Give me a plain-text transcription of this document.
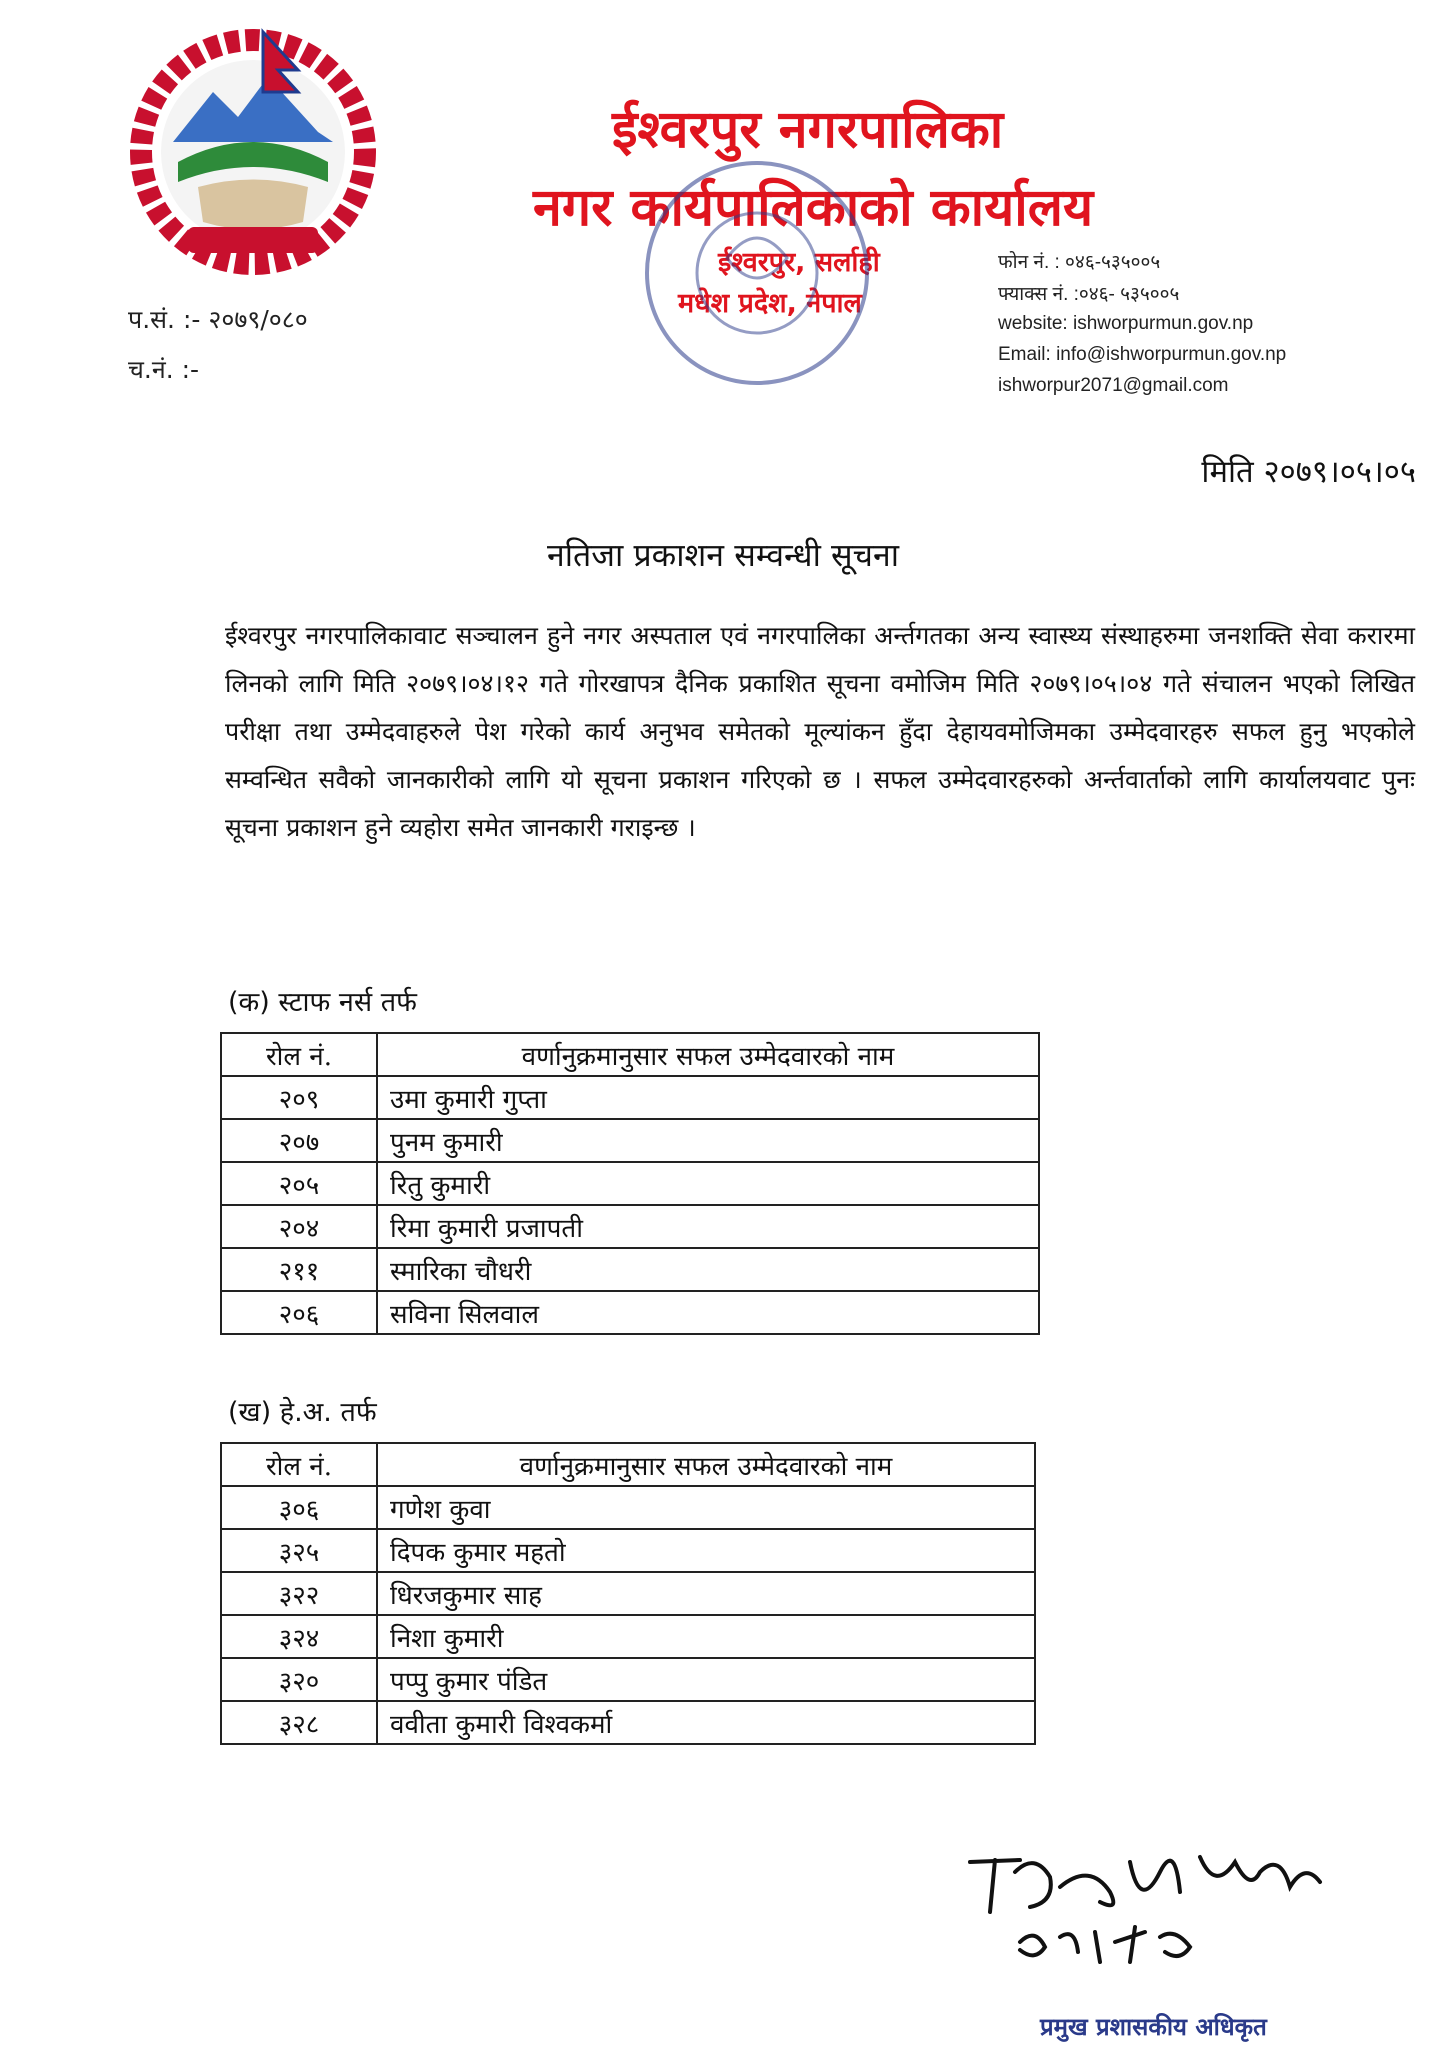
ईश्वरपुर नगरपालिका
नगर कार्यपालिकाको कार्यालय
ईश्वरपुर, सर्लाही
मधेश प्रदेश, नेपाल
फोन नं. : ०४६-५३५००५
फ्याक्स नं. :०४६- ५३५००५
website: ishworpurmun.gov.np
Email: info@ishworpurmun.gov.np
ishworpur2071@gmail.com
प.सं. :- २०७९/०८०
च.नं. :-
मिति २०७९।०५।०५
नतिजा प्रकाशन सम्वन्धी सूचना
ईश्वरपुर नगरपालिकावाट सञ्चालन हुने नगर अस्पताल एवं नगरपालिका अर्न्तगतका अन्य स्वास्थ्य संस्थाहरुमा जनशक्ति सेवा करारमा लिनको लागि मिति २०७९।०४।१२ गते गोरखापत्र दैनिक प्रकाशित सूचना वमोजिम मिति २०७९।०५।०४ गते संचालन भएको लिखित परीक्षा तथा उम्मेदवाहरुले पेश गरेको कार्य अनुभव समेतको मूल्यांकन हुँदा देहायवमोजिमका उम्मेदवारहरु सफल हुनु भएकोले सम्वन्धित सवैको जानकारीको लागि यो सूचना प्रकाशन गरिएको छ । सफल उम्मेदवारहरुको अर्न्तवार्ताको लागि कार्यालयवाट पुनः सूचना प्रकाशन हुने व्यहोरा समेत जानकारी गराइन्छ ।
(क) स्टाफ नर्स तर्फ
रोल नं.	वर्णानुक्रमानुसार सफल उम्मेदवारको नाम
२०९	उमा कुमारी गुप्ता
२०७	पुनम कुमारी
२०५	रितु कुमारी
२०४	रिमा कुमारी प्रजापती
२११	स्मारिका चौधरी
२०६	सविना सिलवाल
(ख) हे.अ. तर्फ
रोल नं.	वर्णानुक्रमानुसार सफल उम्मेदवारको नाम
३०६	गणेश कुवा
३२५	दिपक कुमार महतो
३२२	धिरजकुमार साह
३२४	निशा कुमारी
३२०	पप्पु कुमार पंडित
३२८	ववीता कुमारी विश्वकर्मा
प्रमुख प्रशासकीय अधिकृत
